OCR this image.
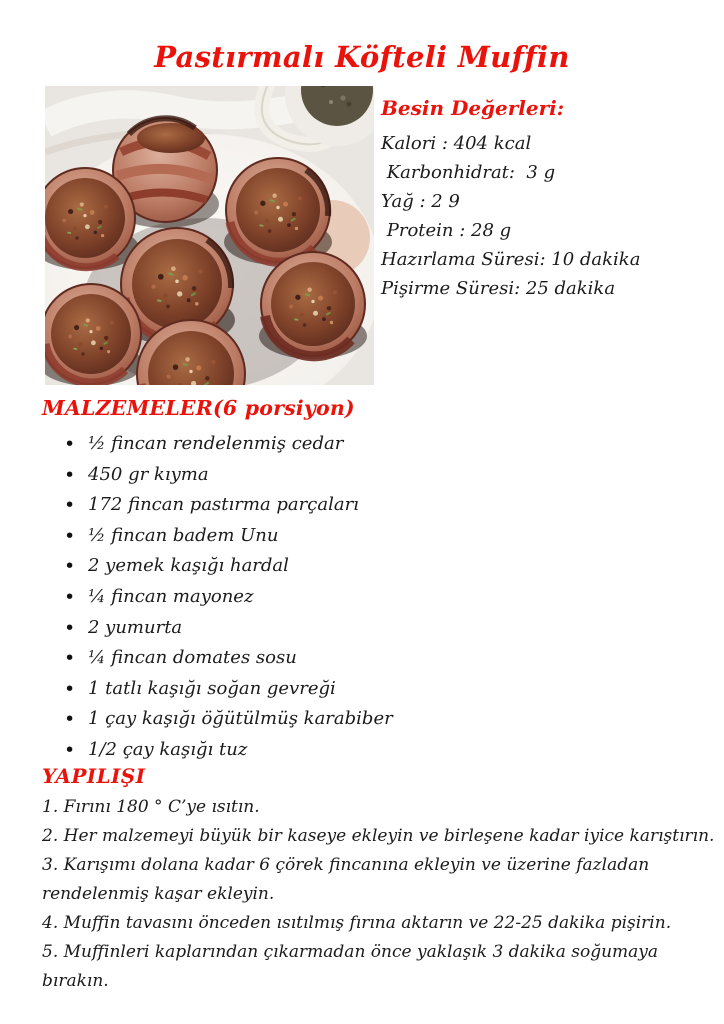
Pastırmalı Köfteli Muffin
Besin Değerleri:

Kalori : 404 kcal

Karbonhidrat:  3 g

Yağ : 2 9

Protein : 28 g

Hazırlama Süresi: 10 dakika

Pişirme Süresi: 25 dakika

MALZEMELER(6 porsiyon)
• ½ fincan rendelenmiş cedar
• 450 gr kıyma
• 172 fincan pastırma parçaları
• ½ fincan badem Unu
• 2 yemek kaşığı hardal
• ¼ fincan mayonez
• 2 yumurta
• ¼ fincan domates sosu
• 1 tatlı kaşığı soğan gevreği
• 1 çay kaşığı öğütülmüş karabiber
• 1/2 çay kaşığı tuz
YAPILIŞI

1. Fırını 180 ° C’ye ısıtın.

2. Her malzemeyi büyük bir kaseye ekleyin ve birleşene kadar iyice karıştırın.

3. Karışımı dolana kadar 6 çörek fincanına ekleyin ve üzerine fazladan

rendelenmiş kaşar ekleyin.

4. Muffin tavasını önceden ısıtılmış fırına aktarın ve 22-25 dakika pişirin.

5. Muffinleri kaplarından çıkarmadan önce yaklaşık 3 dakika soğumaya bırakın.
